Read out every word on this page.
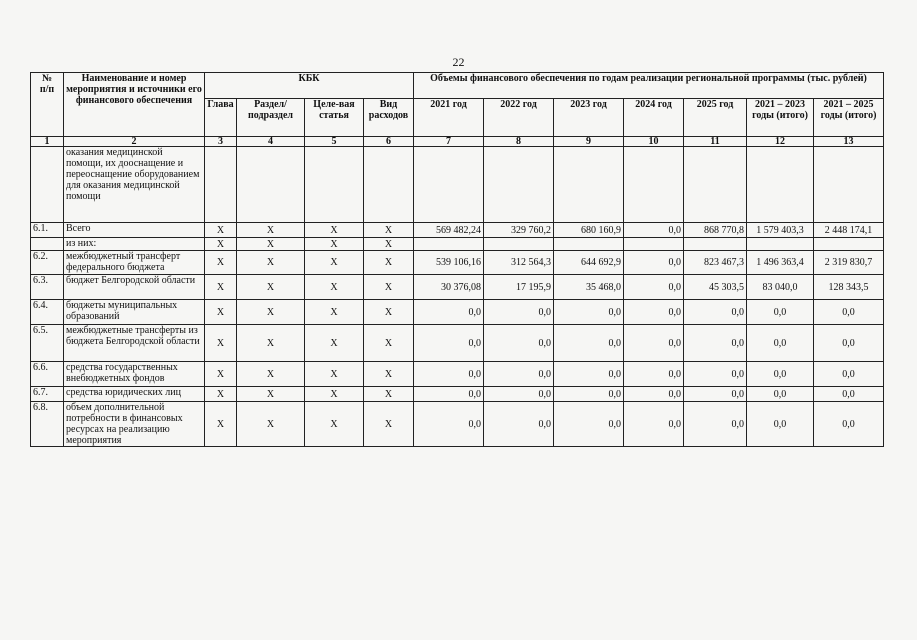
22
№
п/п	Наименование и номер мероприятия и источники его финансового обеспечения	КБК				Объемы финансового обеспечения по годам реализации региональной программы (тыс. рублей)						
		Глава	Раздел/ подраздел	Целе-вая статья	Вид расходов	2021 год	2022 год	2023 год	2024 год	2025 год	2021 – 2023 годы (итого)	2021 – 2025 годы (итого)
1	2	3	4	5	6	7	8	9	10	11	12	13
	оказания медицинской помощи, их дооснащение и переоснащение оборудованием для оказания медицинской помощи											
6.1.	Всего	X	X	X	X	569 482,24	329 760,2	680 160,9	0,0	868 770,8	1 579 403,3	2 448 174,1
	из них:	X	X	X	X							
6.2.	межбюджетный трансферт федерального бюджета	X	X	X	X	539 106,16	312 564,3	644 692,9	0,0	823 467,3	1 496 363,4	2 319 830,7
6.3.	бюджет Белгородской области	X	X	X	X	30 376,08	17 195,9	35 468,0	0,0	45 303,5	83 040,0	128 343,5
6.4.	бюджеты муниципальных образований	X	X	X	X	0,0	0,0	0,0	0,0	0,0	0,0	0,0
6.5.	межбюджетные трансферты из бюджета Белгородской области	X	X	X	X	0,0	0,0	0,0	0,0	0,0	0,0	0,0
6.6.	средства государственных внебюджетных фондов	X	X	X	X	0,0	0,0	0,0	0,0	0,0	0,0	0,0
6.7.	средства юридических лиц	X	X	X	X	0,0	0,0	0,0	0,0	0,0	0,0	0,0
6.8.	объем дополнительной потребности в финансовых ресурсах на реализацию мероприятия	X	X	X	X	0,0	0,0	0,0	0,0	0,0	0,0	0,0
